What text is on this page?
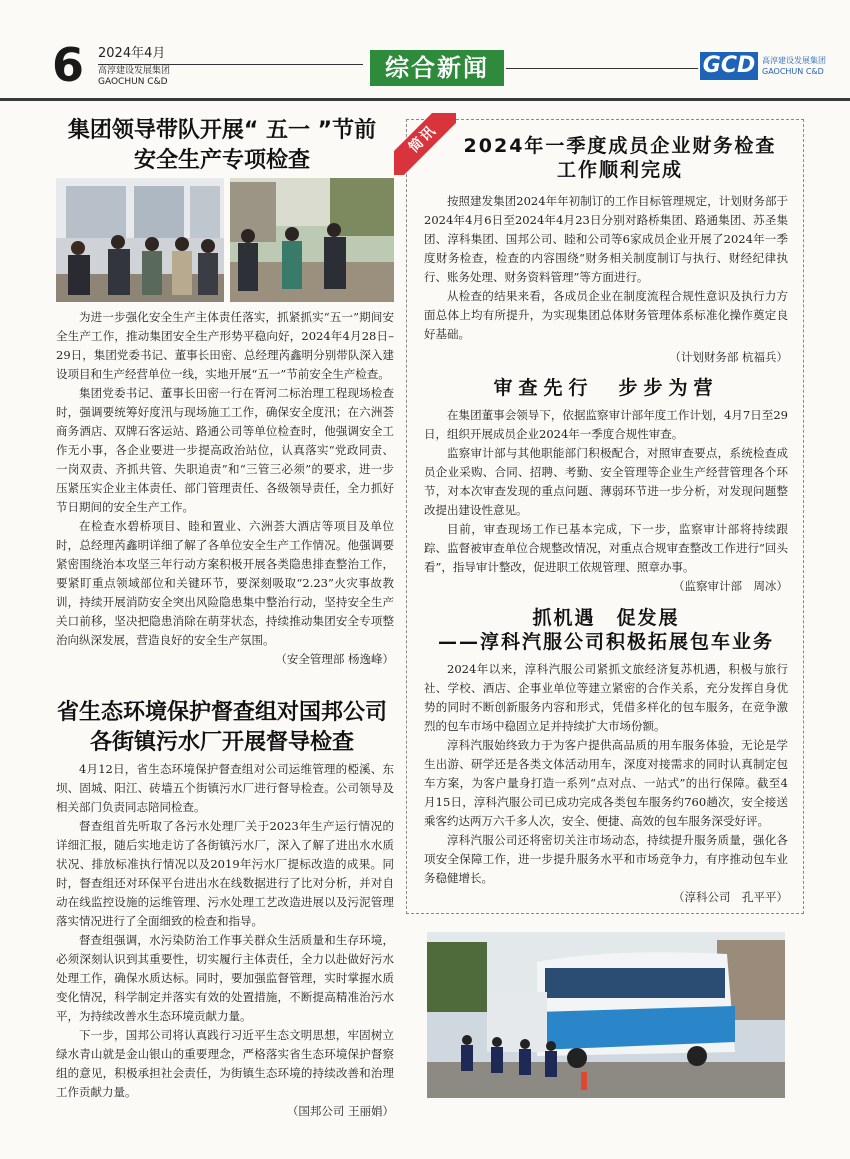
6 2024年4月
高淳建设发展集团
GAOCHUN C&D	综合新闻	GCD 高淳建设发展集团
GAOCHUN C&D
集团领导带队开展“ 五一 ”节前
安全生产专项检查

为进一步强化安全生产主体责任落实，抓紧抓实“五一”期间安全生产工作，推动集团安全生产形势平稳向好，2024年4月28日–29日，集团党委书记、董事长田密、总经理芮鑫明分别带队深入建设项目和生产经营单位一线，实地开展“五一”节前安全生产检查。

集团党委书记、董事长田密一行在胥河二标治理工程现场检查时，强调要统筹好度汛与现场施工工作，确保安全度汛；在六洲荟商务酒店、双牌石客运站、路通公司等单位检查时，他强调安全工作无小事，各企业要进一步提高政治站位，认真落实“党政同责、一岗双责、齐抓共管、失职追责”和“三管三必须”的要求，进一步压紧压实企业主体责任、部门管理责任、各级领导责任，全力抓好节日期间的安全生产工作。

在检查水碧桥项目、睦和置业、六洲荟大酒店等项目及单位时，总经理芮鑫明详细了解了各单位安全生产工作情况。他强调要紧密围绕治本攻坚三年行动方案积极开展各类隐患排查整治工作，要紧盯重点领域部位和关键环节，要深刻吸取“2.23”火灾事故教训，持续开展消防安全突出风险隐患集中整治行动，坚持安全生产关口前移，坚决把隐患消除在萌芽状态，持续推动集团安全专项整治向纵深发展，营造良好的安全生产氛围。

（安全管理部 杨逸峰）
省生态环境保护督查组对国邦公司
各街镇污水厂开展督导检查

4月12日，省生态环境保护督查组对公司运维管理的椏溪、东坝、固城、阳江、砖墙五个街镇污水厂进行督导检查。公司领导及相关部门负责同志陪同检查。

督查组首先听取了各污水处理厂关于2023年生产运行情况的详细汇报，随后实地走访了各街镇污水厂，深入了解了进出水水质状况、排放标准执行情况以及2019年污水厂提标改造的成果。同时，督查组还对环保平台进出水在线数据进行了比对分析，并对自动在线监控设施的运维管理、污水处理工艺改造进展以及污泥管理落实情况进行了全面细致的检查和指导。

督查组强调，水污染防治工作事关群众生活质量和生存环境，必须深刻认识到其重要性，切实履行主体责任，全力以赴做好污水处理工作，确保水质达标。同时，要加强监督管理，实时掌握水质变化情况，科学制定并落实有效的处置措施，不断提高精准治污水平，为持续改善水生态环境贡献力量。

下一步，国邦公司将认真践行习近平生态文明思想，牢固树立绿水青山就是金山银山的重要理念，严格落实省生态环境保护督察组的意见，积极承担社会责任，为街镇生态环境的持续改善和治理工作贡献力量。

（国邦公司 王丽娟）
简讯	2024年一季度成员企业财务检查
工作顺利完成

按照建发集团2024年年初制订的工作目标管理规定，计划财务部于2024年4月6日至2024年4月23日分别对路桥集团、路通集团、苏圣集团、淳科集团、国邦公司、睦和公司等6家成员企业开展了2024年一季度财务检查，检查的内容围绕“财务相关制度制订与执行、财经纪律执行、账务处理、财务资料管理”等方面进行。

从检查的结果来看，各成员企业在制度流程合规性意识及执行力方面总体上均有所提升，为实现集团总体财务管理体系标准化操作奠定良好基础。

（计划财务部 杭福兵）
审查先行　步步为营

在集团董事会领导下，依据监察审计部年度工作计划，4月7日至29日，组织开展成员企业2024年一季度合规性审查。

监察审计部与其他职能部门积极配合，对照审查要点，系统检查成员企业采购、合同、招聘、考勤、安全管理等企业生产经营管理各个环节，对本次审查发现的重点问题、薄弱环节进一步分析，对发现问题整改提出建设性意见。

目前，审查现场工作已基本完成，下一步，监察审计部将持续跟踪、监督被审查单位合规整改情况，对重点合规审查整改工作进行“回头看”，指导审计整改，促进职工依规管理、照章办事。

（监察审计部　周冰）
抓机遇　促发展
——淳科汽服公司积极拓展包车业务

2024年以来，淳科汽服公司紧抓文旅经济复苏机遇，积极与旅行社、学校、酒店、企事业单位等建立紧密的合作关系，充分发挥自身优势的同时不断创新服务内容和形式，凭借多样化的包车服务，在竞争激烈的包车市场中稳固立足并持续扩大市场份额。

淳科汽服始终致力于为客户提供高品质的用车服务体验，无论是学生出游、研学还是各类文体活动用车，深度对接需求的同时认真制定包车方案，为客户量身打造一系列“点对点、一站式”的出行保障。截至4月15日，淳科汽服公司已成功完成各类包车服务约760趟次，安全接送乘客约达两万六千多人次，安全、便捷、高效的包车服务深受好评。

淳科汽服公司还将密切关注市场动态，持续提升服务质量，强化各项安全保障工作，进一步提升服务水平和市场竞争力，有序推动包车业务稳健增长。

（淳科公司　孔平平）
